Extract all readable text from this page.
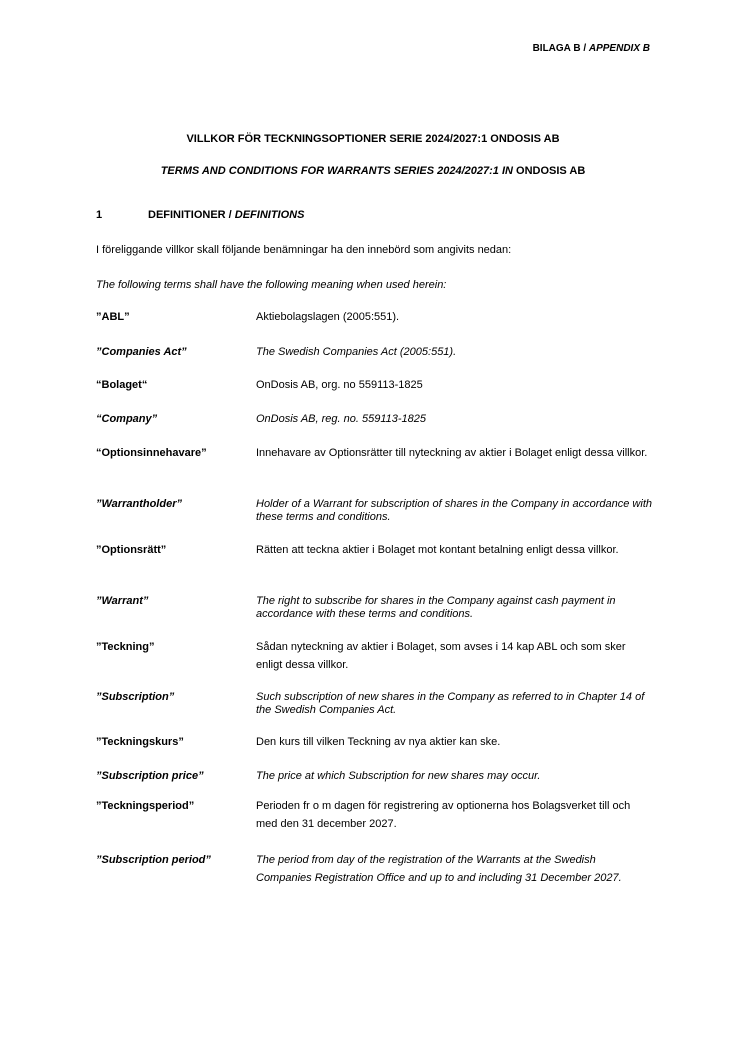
BILAGA B / APPENDIX B
VILLKOR FÖR TECKNINGSOPTIONER SERIE 2024/2027:1 ONDOSIS AB
TERMS AND CONDITIONS FOR WARRANTS SERIES 2024/2027:1 IN ONDOSIS AB
1	DEFINITIONER / DEFINITIONS
I föreliggande villkor skall följande benämningar ha den innebörd som angivits nedan:
The following terms shall have the following meaning when used herein:
”ABL”	Aktiebolagslagen (2005:551).
”Companies Act”	The Swedish Companies Act (2005:551).
“Bolaget“	OnDosis AB, org. no 559113-1825
“Company”	OnDosis AB, reg. no. 559113-1825
“Optionsinnehavare”	Innehavare av Optionsrätter till nyteckning av aktier i Bolaget enligt dessa villkor.
”Warrantholder”	Holder of a Warrant for subscription of shares in the Company in accordance with these terms and conditions.
”Optionsrätt”	Rätten att teckna aktier i Bolaget mot kontant betalning enligt dessa villkor.
”Warrant”	The right to subscribe for shares in the Company against cash payment in accordance with these terms and conditions.
”Teckning”	Sådan nyteckning av aktier i Bolaget, som avses i 14 kap ABL och som sker enligt dessa villkor.
”Subscription”	Such subscription of new shares in the Company as referred to in Chapter 14 of the Swedish Companies Act.
”Teckningskurs”	Den kurs till vilken Teckning av nya aktier kan ske.
”Subscription price”	The price at which Subscription for new shares may occur.
”Teckningsperiod”	Perioden fr o m dagen för registrering av optionerna hos Bolagsverket till och med den 31 december 2027.
”Subscription period”	The period from day of the registration of the Warrants at the Swedish Companies Registration Office and up to and including 31 December 2027.
